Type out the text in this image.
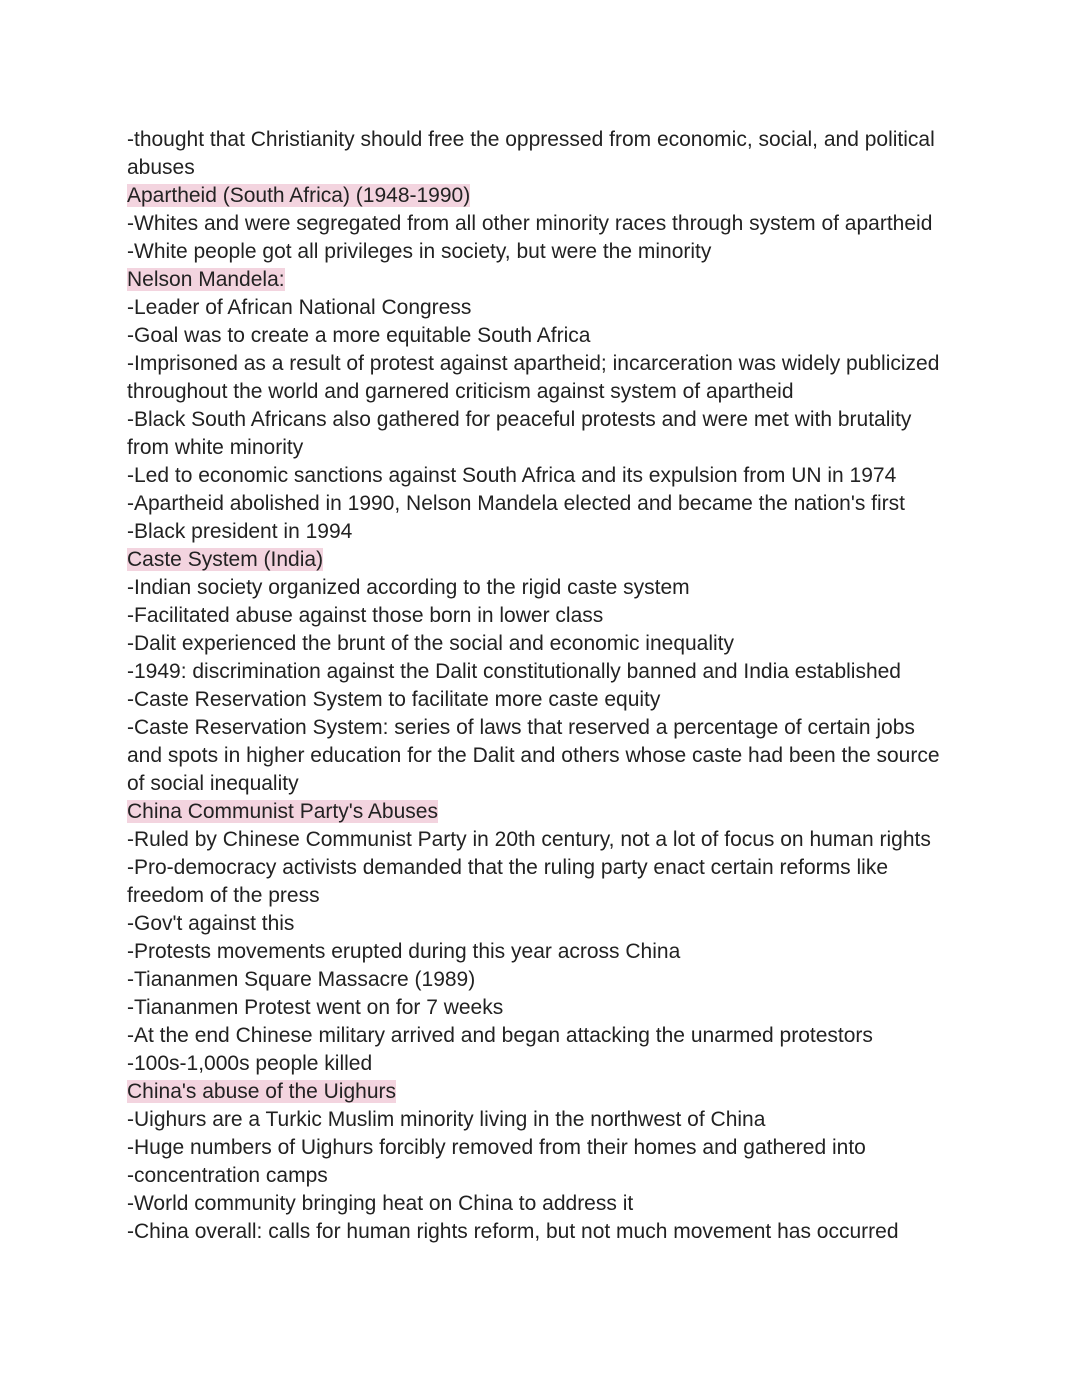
-thought that Christianity should free the oppressed from economic, social, and political
abuses
Apartheid (South Africa) (1948-1990)
-Whites and were segregated from all other minority races through system of apartheid
-White people got all privileges in society, but were the minority
Nelson Mandela:
-Leader of African National Congress
-Goal was to create a more equitable South Africa
-Imprisoned as a result of protest against apartheid; incarceration was widely publicized
throughout the world and garnered criticism against system of apartheid
-Black South Africans also gathered for peaceful protests and were met with brutality
from white minority
-Led to economic sanctions against South Africa and its expulsion from UN in 1974
-Apartheid abolished in 1990, Nelson Mandela elected and became the nation's first
-Black president in 1994
Caste System (India)
-Indian society organized according to the rigid caste system
-Facilitated abuse against those born in lower class
-Dalit experienced the brunt of the social and economic inequality
-1949: discrimination against the Dalit constitutionally banned and India established
-Caste Reservation System to facilitate more caste equity
-Caste Reservation System: series of laws that reserved a percentage of certain jobs
and spots in higher education for the Dalit and others whose caste had been the source
of social inequality
China Communist Party's Abuses
-Ruled by Chinese Communist Party in 20th century, not a lot of focus on human rights
-Pro-democracy activists demanded that the ruling party enact certain reforms like
freedom of the press
-Gov't against this
-Protests movements erupted during this year across China
-Tiananmen Square Massacre (1989)
-Tiananmen Protest went on for 7 weeks
-At the end Chinese military arrived and began attacking the unarmed protestors
-100s-1,000s people killed
China's abuse of the Uighurs
-Uighurs are a Turkic Muslim minority living in the northwest of China
-Huge numbers of Uighurs forcibly removed from their homes and gathered into
-concentration camps
-World community bringing heat on China to address it
-China overall: calls for human rights reform, but not much movement has occurred
